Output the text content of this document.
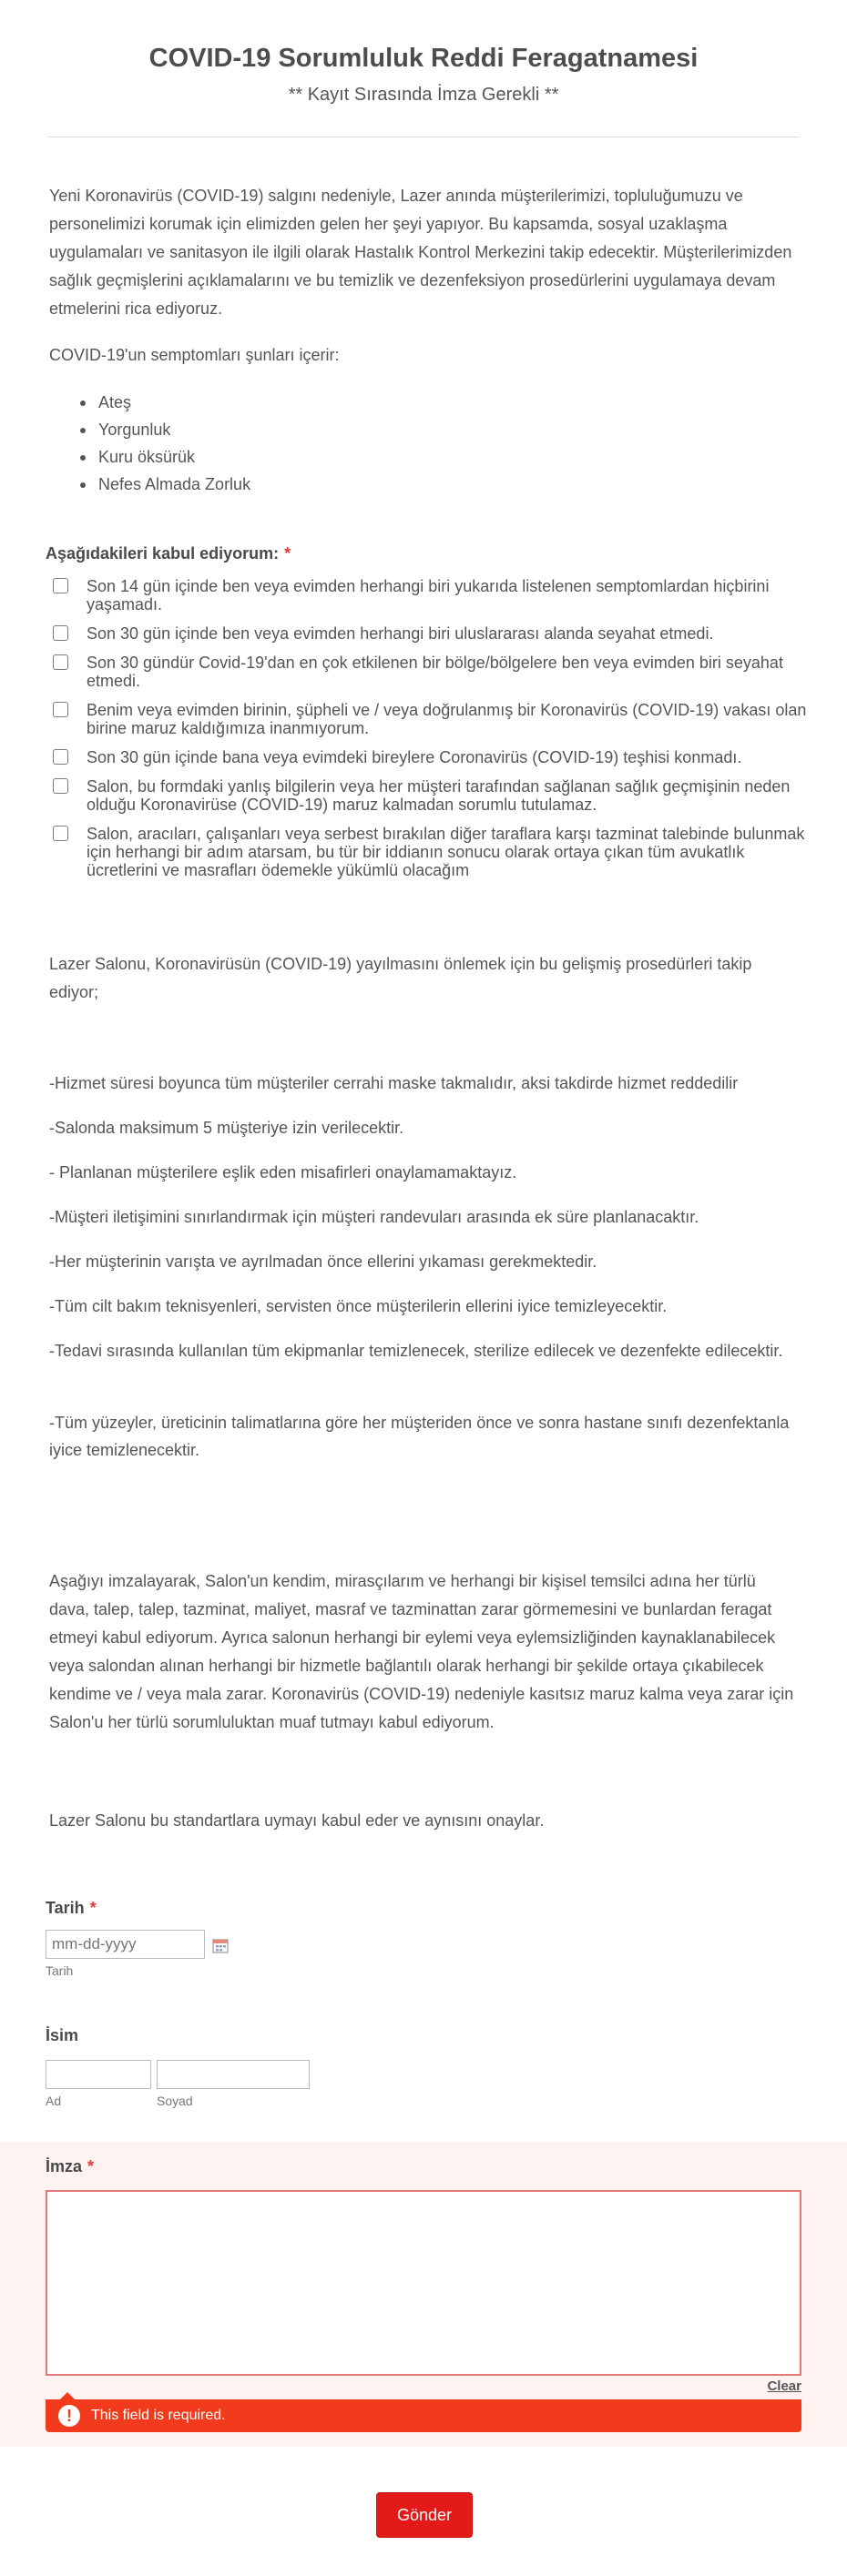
COVID-19 Sorumluluk Reddi Feragatnamesi
** Kayıt Sırasında İmza Gerekli **
Yeni Koronavirüs (COVID-19) salgını nedeniyle, Lazer anında müşterilerimizi, topluluğumuzu ve personelimizi korumak için elimizden gelen her şeyi yapıyor. Bu kapsamda, sosyal uzaklaşma uygulamaları ve sanitasyon ile ilgili olarak Hastalık Kontrol Merkezini takip edecektir. Müşterilerimizden sağlık geçmişlerini açıklamalarını ve bu temizlik ve dezenfeksiyon prosedürlerini uygulamaya devam etmelerini rica ediyoruz.
COVID-19'un semptomları şunları içerir:
Ateş
Yorgunluk
Kuru öksürük
Nefes Almada Zorluk
Aşağıdakileri kabul ediyorum: *
Son 14 gün içinde ben veya evimden herhangi biri yukarıda listelenen semptomlardan hiçbirini yaşamadı.
Son 30 gün içinde ben veya evimden herhangi biri uluslararası alanda seyahat etmedi.
Son 30 gündür Covid-19'dan en çok etkilenen bir bölge/bölgelere ben veya evimden biri seyahat etmedi.
Benim veya evimden birinin, şüpheli ve / veya doğrulanmış bir Koronavirüs (COVID-19) vakası olan birine maruz kaldığımıza inanmıyorum.
Son 30 gün içinde bana veya evimdeki bireylere Coronavirüs (COVID-19) teşhisi konmadı.
Salon, bu formdaki yanlış bilgilerin veya her müşteri tarafından sağlanan sağlık geçmişinin neden olduğu Koronavirüse (COVID-19) maruz kalmadan sorumlu tutulamaz.
Salon, aracıları, çalışanları veya serbest bırakılan diğer taraflara karşı tazminat talebinde bulunmak için herhangi bir adım atarsam, bu tür bir iddianın sonucu olarak ortaya çıkan tüm avukatlık ücretlerini ve masrafları ödemekle yükümlü olacağım
Lazer Salonu, Koronavirüsün (COVID-19) yayılmasını önlemek için bu gelişmiş prosedürleri takip ediyor;
-Hizmet süresi boyunca tüm müşteriler cerrahi maske takmalıdır, aksi takdirde hizmet reddedilir
-Salonda maksimum 5 müşteriye izin verilecektir.
- Planlanan müşterilere eşlik eden misafirleri onaylamamaktayız.
-Müşteri iletişimini sınırlandırmak için müşteri randevuları arasında ek süre planlanacaktır.
-Her müşterinin varışta ve ayrılmadan önce ellerini yıkaması gerekmektedir.
-Tüm cilt bakım teknisyenleri, servisten önce müşterilerin ellerini iyice temizleyecektir.
-Tedavi sırasında kullanılan tüm ekipmanlar temizlenecek, sterilize edilecek ve dezenfekte edilecektir.
-Tüm yüzeyler, üreticinin talimatlarına göre her müşteriden önce ve sonra hastane sınıfı dezenfektanla iyice temizlenecektir.
Aşağıyı imzalayarak, Salon'un kendim, mirasçılarım ve herhangi bir kişisel temsilci adına her türlü dava, talep, talep, tazminat, maliyet, masraf ve tazminattan zarar görmemesini ve bunlardan feragat etmeyi kabul ediyorum. Ayrıca salonun herhangi bir eylemi veya eylemsizliğinden kaynaklanabilecek veya salondan alınan herhangi bir hizmetle bağlantılı olarak herhangi bir şekilde ortaya çıkabilecek kendime ve / veya mala zarar. Koronavirüs (COVID-19) nedeniyle kasıtsız maruz kalma veya zarar için Salon'u her türlü sorumluluktan muaf tutmayı kabul ediyorum.
Lazer Salonu bu standartlara uymayı kabul eder ve aynısını onaylar.
Tarih *
mm-dd-yyyy
Tarih
İsim
Ad	Soyad
İmza *
Clear
!	This field is required.
Gönder
